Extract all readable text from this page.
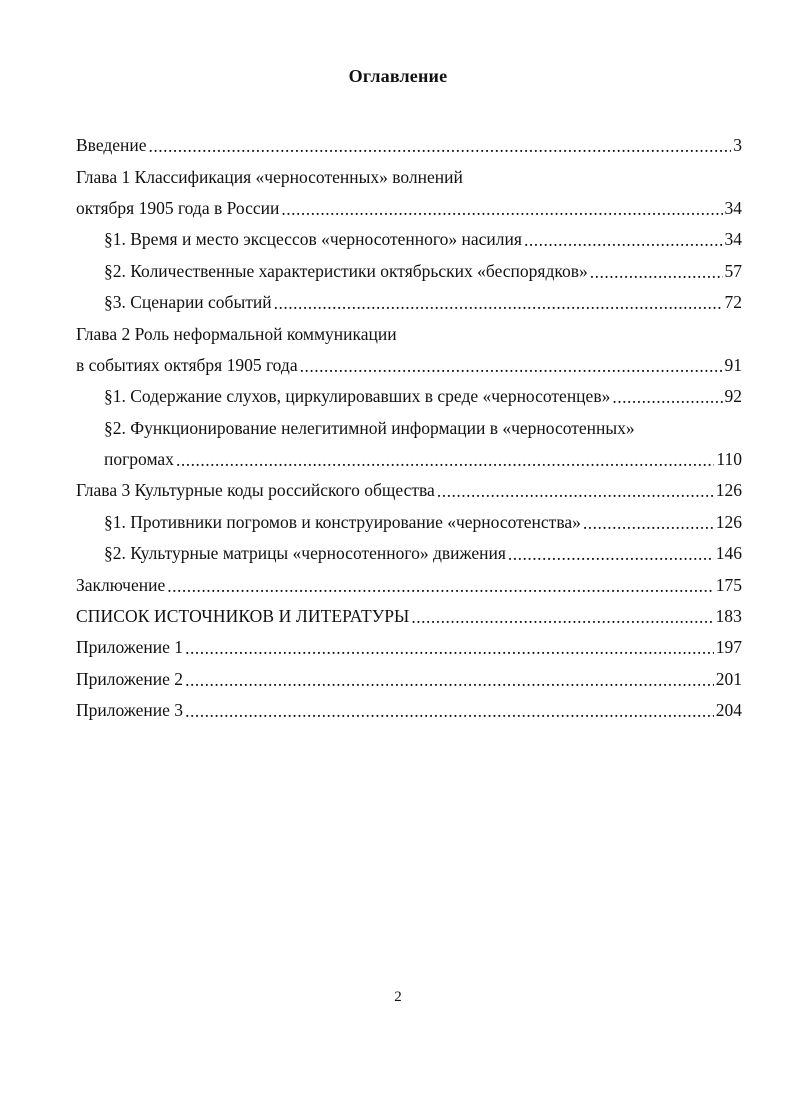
Оглавление
Введение .....	3
Глава 1 Классификация «черносотенных» волнений
октября 1905 года в России .....	34
§1. Время и место эксцессов «черносотенного» насилия .....	34
§2. Количественные характеристики октябрьских «беспорядков» .....	57
§3. Сценарии событий .....	72
Глава 2 Роль неформальной коммуникации
в событиях октября 1905 года .....	91
§1. Содержание слухов, циркулировавших в среде «черносотенцев» .....	92
§2. Функционирование нелегитимной информации в «черносотенных»
погромах .....	110
Глава 3 Культурные коды российского общества .....	126
§1. Противники погромов и конструирование «черносотенства» .....	126
§2. Культурные матрицы «черносотенного» движения .....	146
Заключение .....	175
СПИСОК ИСТОЧНИКОВ И ЛИТЕРАТУРЫ .....	183
Приложение 1 .....	197
Приложение 2 .....	201
Приложение 3 .....	204
2
